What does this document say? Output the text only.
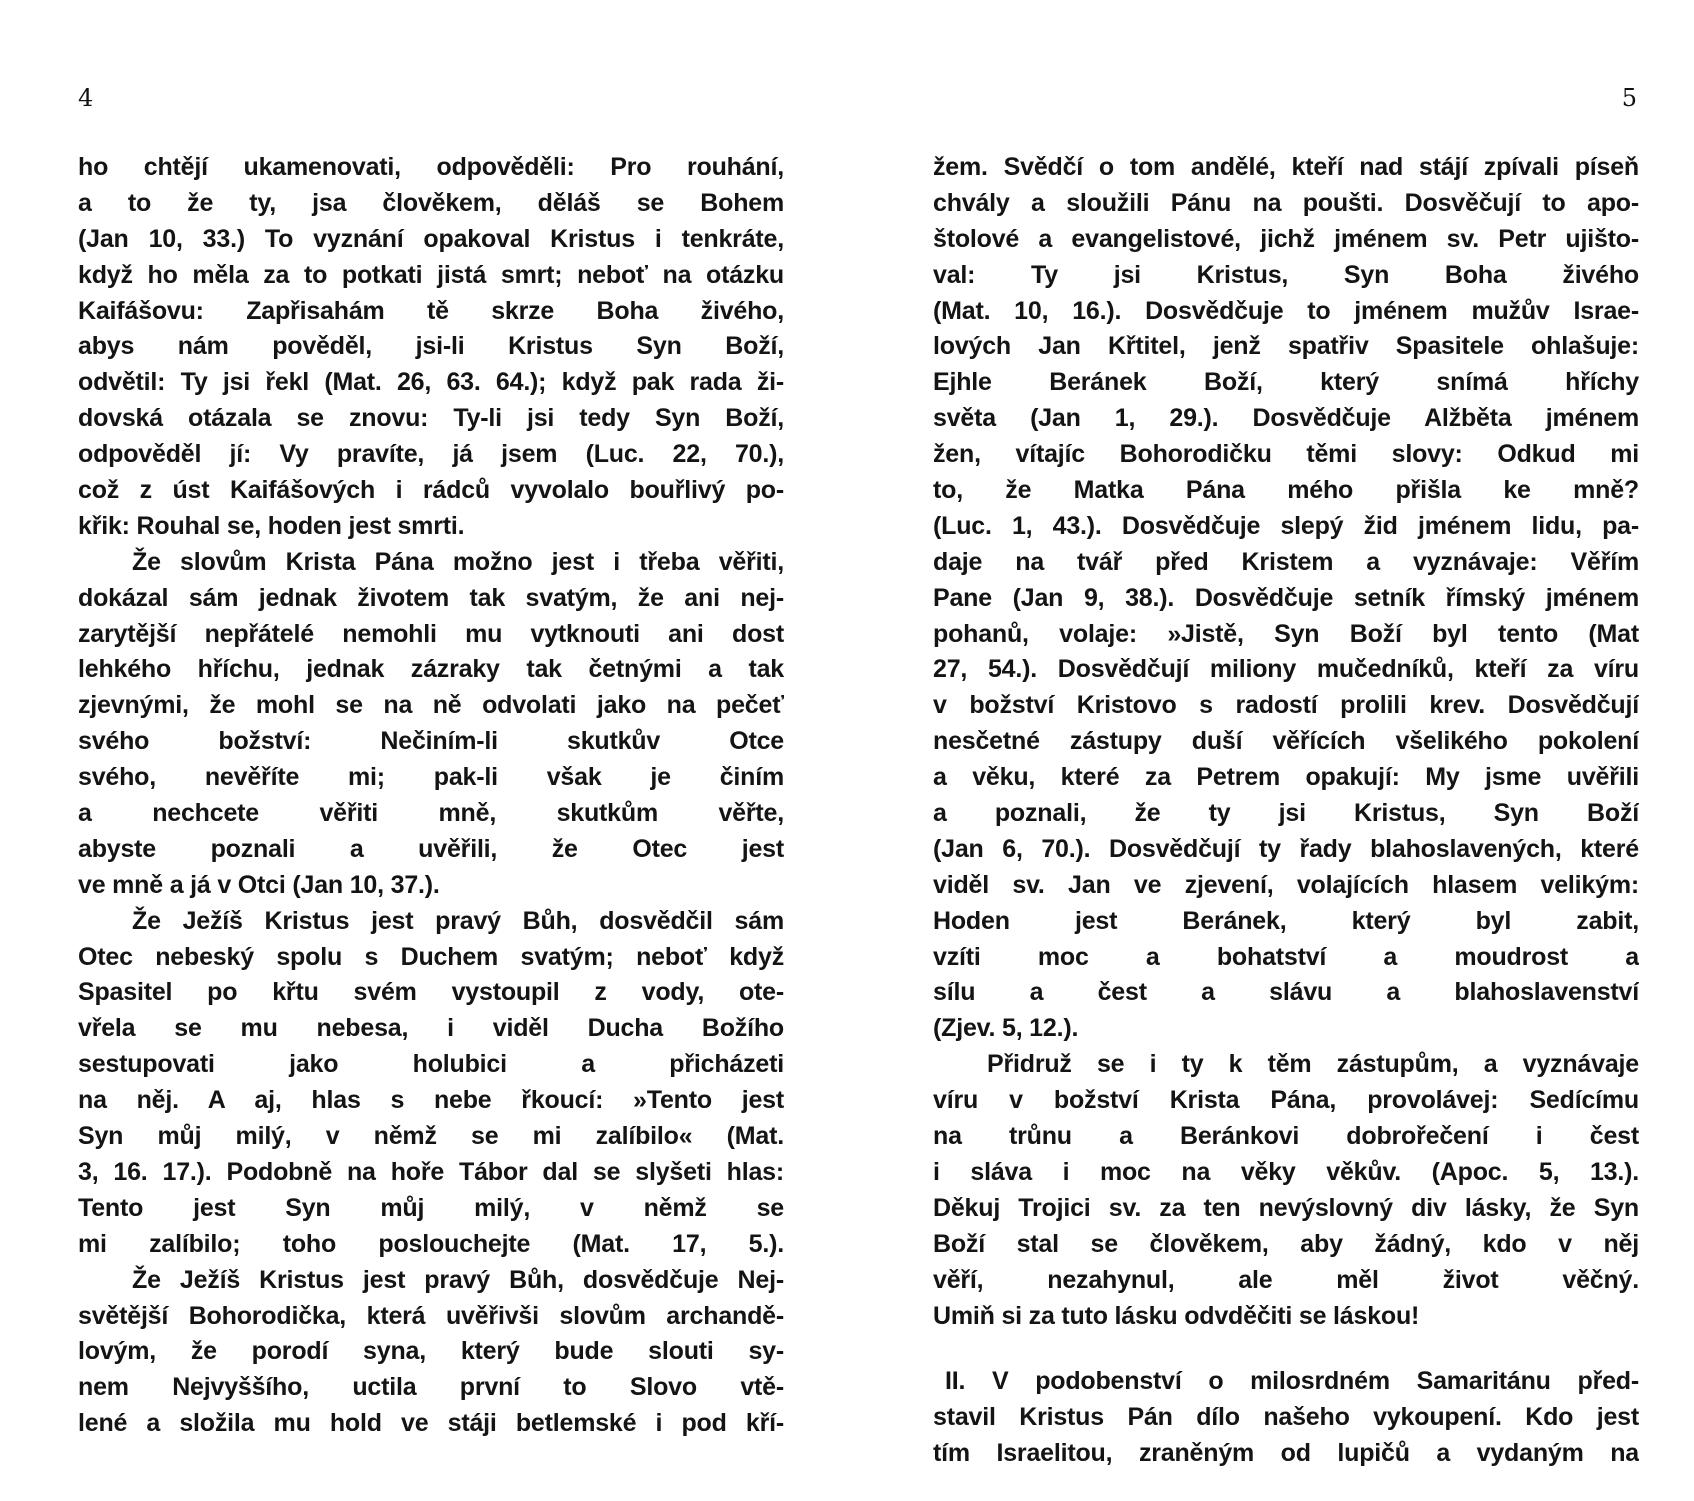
4
ho chtějí ukamenovati, odpověděli: Pro rouhání,
a to že ty, jsa člověkem, děláš se Bohem
(Jan 10, 33.) To vyznání opakoval Kristus i tenkráte,
když ho měla za to potkati jistá smrt; neboť na otázku
Kaifášovu: Zapřisahám tě skrze Boha živého,
abys nám pověděl, jsi-li Kristus Syn Boží,
odvětil: Ty jsi řekl (Mat. 26, 63. 64.); když pak rada ži-
dovská otázala se znovu: Ty-li jsi tedy Syn Boží,
odpověděl jí: Vy pravíte, já jsem (Luc. 22, 70.),
což z úst Kaifášových i rádců vyvolalo bouřlivý po-
křik: Rouhal se, hoden jest smrti.
Že slovům Krista Pána možno jest i třeba věřiti,
dokázal sám jednak životem tak svatým, že ani nej-
zarytější nepřátelé nemohli mu vytknouti ani dost
lehkého hříchu, jednak zázraky tak četnými a tak
zjevnými, že mohl se na ně odvolati jako na pečeť
svého božství: Nečiním-li skutkův Otce
svého, nevěříte mi; pak-li však je činím
a nechcete věřiti mně, skutkům věřte,
abyste poznali a uvěřili, že Otec jest
ve mně a já v Otci (Jan 10, 37.).
Že Ježíš Kristus jest pravý Bůh, dosvědčil sám
Otec nebeský spolu s Duchem svatým; neboť když
Spasitel po křtu svém vystoupil z vody, ote-
vřela se mu nebesa, i viděl Ducha Božího
sestupovati jako holubici a přicházeti
na něj. A aj, hlas s nebe řkoucí: »Tento jest
Syn můj milý, v němž se mi zalíbilo« (Mat.
3, 16. 17.). Podobně na hoře Tábor dal se slyšeti hlas:
Tento jest Syn můj milý, v němž se
mi zalíbilo; toho poslouchejte (Mat. 17, 5.).
Že Ježíš Kristus jest pravý Bůh, dosvědčuje Nej-
světější Bohorodička, která uvěřivši slovům archandě-
lovým, že porodí syna, který bude slouti sy-
nem Nejvyššího, uctila první to Slovo vtě-
lené a složila mu hold ve stáji betlemské i pod kří-
5
žem. Svědčí o tom andělé, kteří nad stájí zpívali píseň
chvály a sloužili Pánu na poušti. Dosvěčují to apo-
štolové a evangelistové, jichž jménem sv. Petr ujišto-
val: Ty jsi Kristus, Syn Boha živého
(Mat. 10, 16.). Dosvědčuje to jménem mužův Israe-
lových Jan Křtitel, jenž spatřiv Spasitele ohlašuje:
Ejhle Beránek Boží, který snímá hříchy
světa (Jan 1, 29.). Dosvědčuje Alžběta jménem
žen, vítajíc Bohorodičku těmi slovy: Odkud mi
to, že Matka Pána mého přišla ke mně?
(Luc. 1, 43.). Dosvědčuje slepý žid jménem lidu, pa-
daje na tvář před Kristem a vyznávaje: Věřím
Pane (Jan 9, 38.). Dosvědčuje setník římský jménem
pohanů, volaje: »Jistě, Syn Boží byl tento (Mat
27, 54.). Dosvědčují miliony mučedníků, kteří za víru
v božství Kristovo s radostí prolili krev. Dosvědčují
nesčetné zástupy duší věřících všelikého pokolení
a věku, které za Petrem opakují: My jsme uvěřili
a poznali, že ty jsi Kristus, Syn Boží
(Jan 6, 70.). Dosvědčují ty řady blahoslavených, které
viděl sv. Jan ve zjevení, volajících hlasem velikým:
Hoden jest Beránek, který byl zabit,
vzíti moc a bohatství a moudrost a
sílu a čest a slávu a blahoslavenství
(Zjev. 5, 12.).
Přidruž se i ty k těm zástupům, a vyznávaje
víru v božství Krista Pána, provolávej: Sedícímu
na trůnu a Beránkovi dobrořečení i čest
i sláva i moc na věky věkův. (Apoc. 5, 13.).
Děkuj Trojici sv. za ten nevýslovný div lásky, že Syn
Boží stal se člověkem, aby žádný, kdo v něj
věří, nezahynul, ale měl život věčný.
Umiň si za tuto lásku odvděčiti se láskou!
II. V podobenství o milosrdném Samaritánu před-
stavil Kristus Pán dílo našeho vykoupení. Kdo jest
tím Israelitou, zraněným od lupičů a vydaným na
